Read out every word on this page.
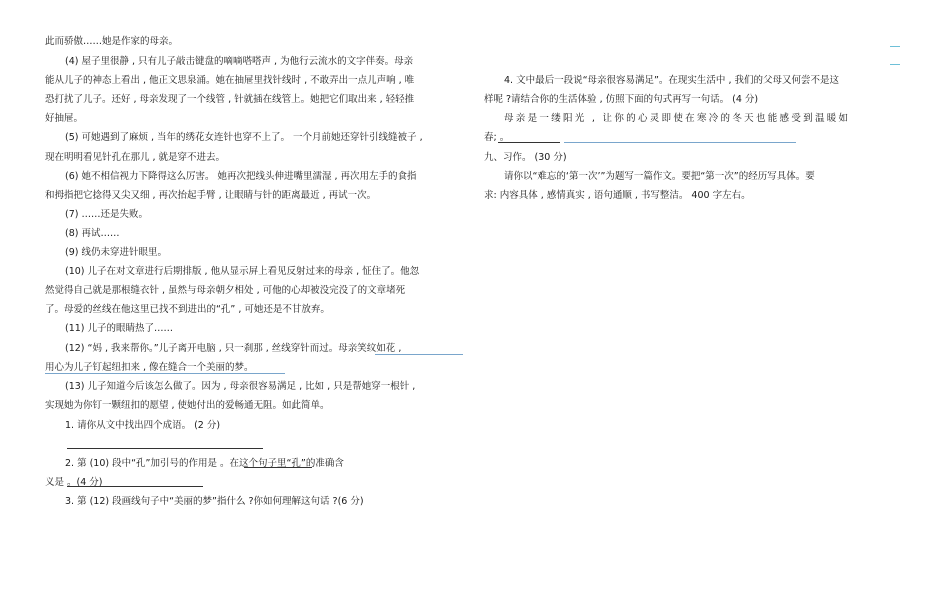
此而骄傲……她是作家的母亲。
(4) 屋子里很静 , 只有儿子敲击键盘的嘀嘀嗒嗒声 , 为他行云流水的文字伴奏。母亲
能从儿子的神态上看出 , 他正文思泉涌。她在抽屉里找针线时 , 不敢弄出一点儿声响 , 唯
恐打扰了儿子。还好 , 母亲发现了一个线管 , 针就插在线管上。她把它们取出来 , 轻轻推
好抽屉。
(5) 可她遇到了麻烦 , 当年的绣花女连针也穿不上了。 一个月前她还穿针引线缝被子 ,
现在明明看见针孔在那儿 , 就是穿不进去。
(6) 她不相信视力下降得这么厉害。 她再次把线头伸进嘴里濡湿 , 再次用左手的食指
和拇指把它捻得又尖又细 , 再次抬起手臂 , 让眼睛与针的距离最近 , 再试一次。
(7) ……还是失败。
(8) 再试……
(9) 线仍未穿进针眼里。
(10) 儿子在对文章进行后期排版 , 他从显示屏上看见反射过来的母亲 , 怔住了。他忽
然觉得自己就是那根缝衣针 , 虽然与母亲朝夕相处 , 可他的心却被没完没了的文章堵死
了。母爱的丝线在他这里已找不到进出的“孔” , 可她还是不甘放弃。
(11) 儿子的眼睛热了……
(12) “妈 , 我来帮你。”儿子离开电脑 , 只一刹那 , 丝线穿针而过。母亲笑纹如花 ,
用心为儿子钉起纽扣来 , 像在缝合一个美丽的梦。
(13) 儿子知道今后该怎么做了。因为 , 母亲很容易满足 , 比如 , 只是帮她穿一根针 ,
实现她为你钉一颗纽扣的愿望 , 使她付出的爱畅通无阻。如此简单。
1. 请你从文中找出四个成语。 (2 分)
2. 第 (10) 段中“孔”加引号的作用是 。在这个句子里“孔”的准确含
义是 。(4 分)
3. 第 (12) 段画线句子中“美丽的梦”指什么 ?你如何理解这句话 ?(6 分)
4. 文中最后一段说“母亲很容易满足”。在现实生活中 , 我们的父母又何尝不是这
样呢 ?请结合你的生活体验 , 仿照下面的句式再写一句话。 (4 分)
母亲是一缕阳光 , 让你的心灵即使在寒冷的冬天也能感受到温暖如
春; 。
九、习作。 (30 分)
请你以“难忘的‘第一次’”为题写一篇作文。要把“第一次”的经历写具体。要
求: 内容具体 , 感情真实 , 语句通顺 , 书写整洁。 400 字左右。
